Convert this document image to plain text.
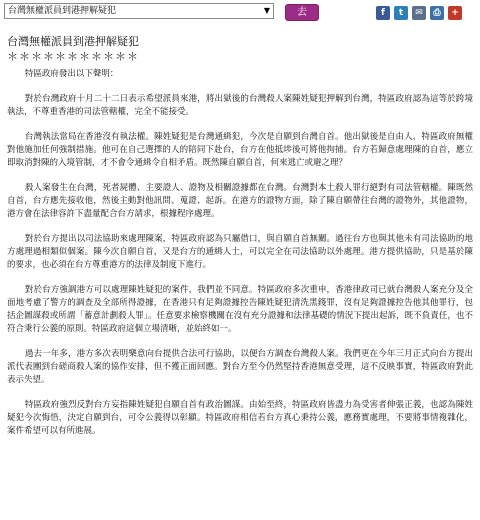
台灣無權派員到港押解疑犯	▼	去	f	t	✉	⎙	+
台灣無權派員到港押解疑犯
＊＊＊＊＊＊＊＊＊＊＊

特區政府發出以下聲明：

對於台灣政府十月二十二日表示希望派員來港，將出獄後的台灣殺人案陳姓疑犯押解到台灣，特區政府認為這等於跨境執法，不尊重香港的司法管轄權，完全不能接受。

台灣執法當局在香港沒有執法權。陳姓疑犯是台灣通緝犯，今次是自願到台灣自首。他出獄後是自由人，特區政府無權對他施加任何強制措施。他可在自己選擇的人的陪同下赴台，台方在他抵埗後可將他拘捕。台方若歸意處理陳的自首，應立即取消對陳的入境管制，才不會令通緝令自相矛盾。既然陳自願自首，何來逃亡或避之理？

殺人案發生在台灣，死者屍體、主要證人、證物及相關證據都在台灣。台灣對本土殺人罪行絕對有司法管轄權。陳既然自首，台方應先接收他，然後主動對他訊問、蒐證、起訴。在港方的證物方面，除了陳自願帶往台灣的證物外，其他證物，港方會在法律容許下盡量配合台方請求，根據程序處理。

對於台方提出以司法協助來處理陳案，特區政府認為只屬借口，與自願自首無關。過往台方也與其他未有司法協助的地方處理過相類似個案。陳今次自願自首，又是台方的通緝人士，可以完全在司法協助以外處理。港方提供協助，只是基於陳的要求，也必須在台方尊重港方的法律及制度下進行。

對於台方強調港方可以處理陳姓疑犯的案件，我們並不同意。特區政府多次重申，香港律政司已就台灣殺人案充分及全面地考慮了警方的調查及全部所得證據，在香港只有足夠證據控告陳姓疑犯清洗黑錢罪，沒有足夠證據控告他其他罪行，包括企圖謀殺或所謂「蓄意計劃殺人罪」。任意要求檢察機關在沒有充分證據和法律基礎的情況下提出起訴，既不負責任，也不符合秉行公義的原則。特區政府這個立場清晰，並始終如一。

過去一年多，港方多次表明樂意向台提供合法可行協助，以便台方調查台灣殺人案。我們更在今年三月正式向台方提出派代表團到台磋商殺人案的協作安排，但不獲正面回應。對台方至今仍然堅持香港無意受理，這不反映事實，特區政府對此表示失望。

特區政府強烈反對台方妄指陳姓疑犯自願自首有政治圖謀。由始至終，特區政府皆盡力為受害者伸張正義，也認為陳姓疑犯今次悔悟，決定自願到台，可令公義得以彰顯。特區政府相信若台方真心秉持公義，應務實處理，不要將事情複雜化，案件希望可以有所進展。
